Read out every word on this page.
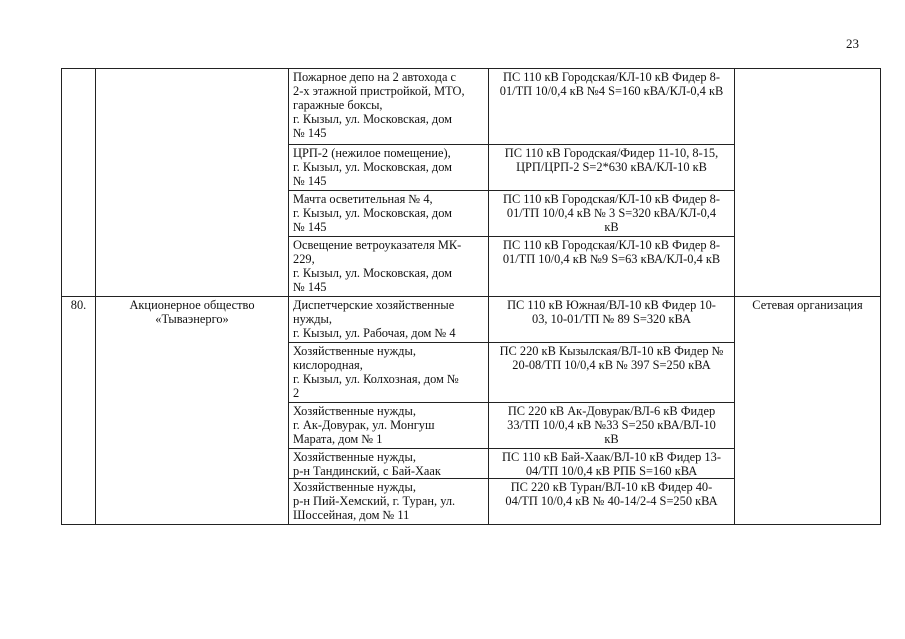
23

		Пожарное депо на 2 автохода с
2-х этажной пристройкой, МТО,
гаражные боксы,
г. Кызыл, ул. Московская, дом
№ 145	ПС 110 кВ Городская/КЛ-10 кВ Фидер 8-
01/ТП 10/0,4 кВ №4 S=160 кВА/КЛ-0,4 кВ	

		ЦРП-2 (нежилое помещение),
г. Кызыл, ул. Московская, дом
№ 145	ПС 110 кВ Городская/Фидер 11-10, 8-15,
ЦРП/ЦРП-2 S=2*630 кВА/КЛ-10 кВ	

		Мачта осветительная № 4,
г. Кызыл, ул. Московская, дом
№ 145	ПС 110 кВ Городская/КЛ-10 кВ Фидер 8-
01/ТП 10/0,4 кВ № 3 S=320 кВА/КЛ-0,4
кВ	

		Освещение ветроуказателя МК-
229,
г. Кызыл, ул. Московская, дом
№ 145	ПС 110 кВ Городская/КЛ-10 кВ Фидер 8-
01/ТП 10/0,4 кВ №9 S=63 кВА/КЛ-0,4 кВ	

80.	Акционерное общество
«Тываэнерго»	Диспетчерские хозяйственные
нужды,
г. Кызыл, ул. Рабочая, дом № 4	ПС 110 кВ Южная/ВЛ-10 кВ Фидер 10-
03, 10-01/ТП № 89 S=320 кВА	Сетевая организация

		Хозяйственные нужды,
кислородная,
г. Кызыл, ул. Колхозная, дом №
2	ПС 220 кВ Кызылская/ВЛ-10 кВ Фидер №
20-08/ТП 10/0,4 кВ № 397 S=250 кВА	

		Хозяйственные нужды,
г. Ак-Довурак, ул. Монгуш
Марата, дом № 1	ПС 220 кВ Ак-Довурак/ВЛ-6 кВ Фидер
33/ТП 10/0,4 кВ №33 S=250 кВА/ВЛ-10
кВ	

		Хозяйственные нужды,
р-н Тандинский, с Бай-Хаак	ПС 110 кВ Бай-Хаак/ВЛ-10 кВ Фидер 13-
04/ТП 10/0,4 кВ РПБ S=160 кВА	

		Хозяйственные нужды,
р-н Пий-Хемский, г. Туран, ул.
Шоссейная, дом № 11	ПС 220 кВ Туран/ВЛ-10 кВ Фидер 40-
04/ТП 10/0,4 кВ № 40-14/2-4 S=250 кВА	
